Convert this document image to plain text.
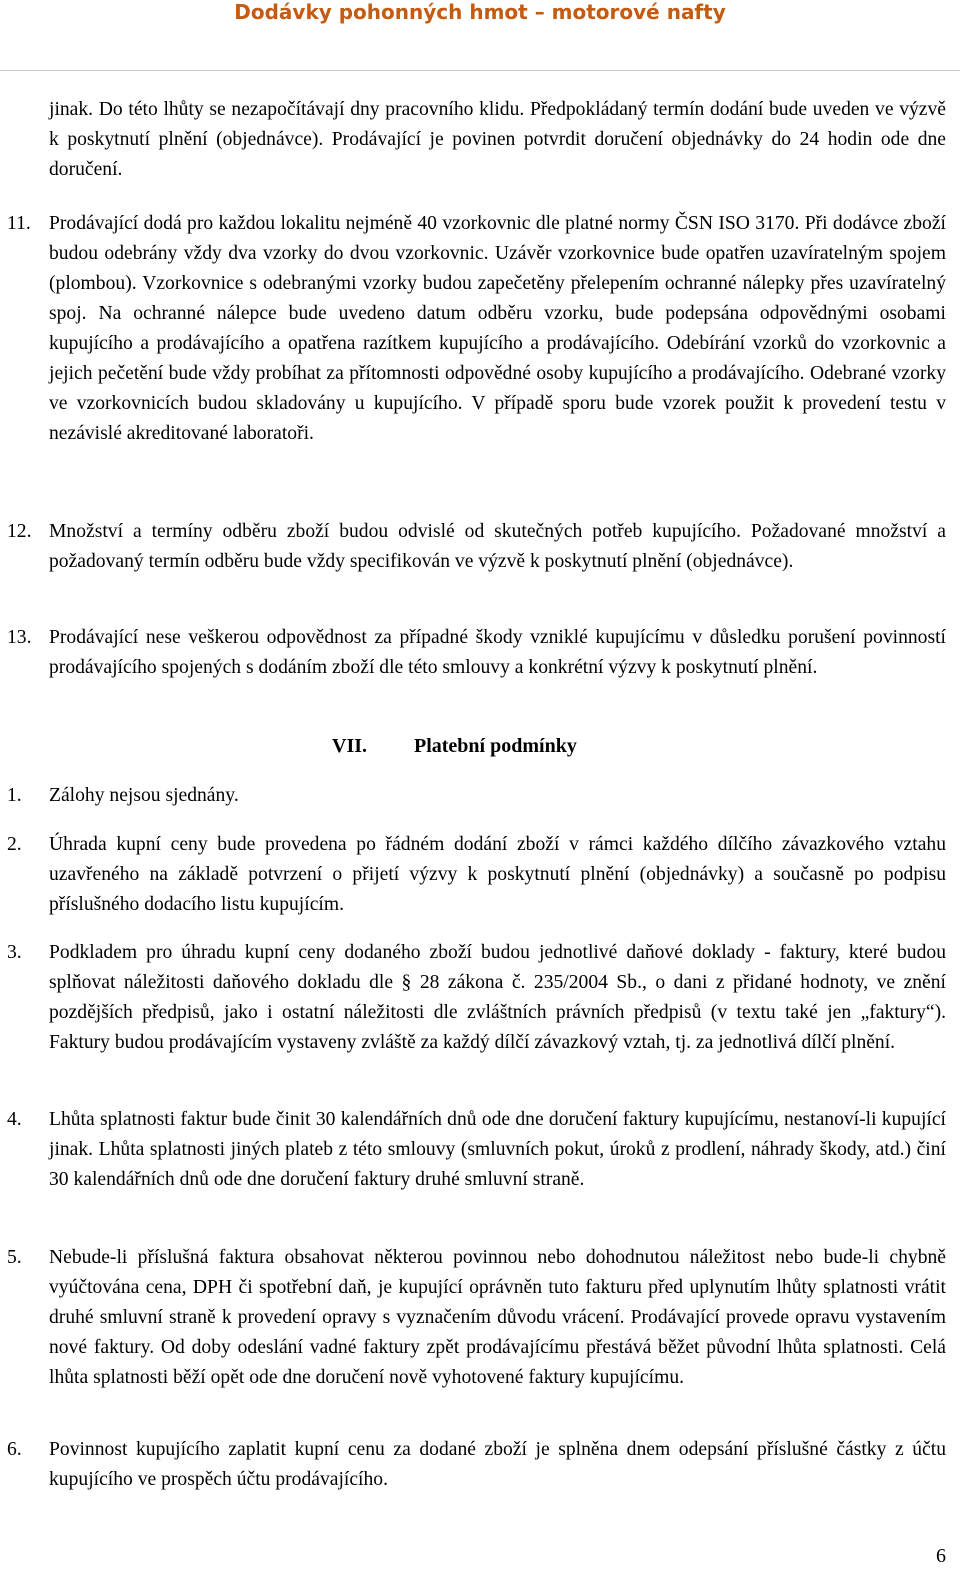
Dodávky pohonných hmot – motorové nafty
jinak. Do této lhůty se nezapočítávají dny pracovního klidu. Předpokládaný termín dodání bude uveden ve výzvě k poskytnutí plnění (objednávce). Prodávající je povinen potvrdit doručení objednávky do 24 hodin ode dne doručení.
11. Prodávající dodá pro každou lokalitu nejméně 40 vzorkovnic dle platné normy ČSN ISO 3170. Při dodávce zboží budou odebrány vždy dva vzorky do dvou vzorkovnic. Uzávěr vzorkovnice bude opatřen uzavíratelným spojem (plombou). Vzorkovnice s odebranými vzorky budou zapečetěny přelepením ochranné nálepky přes uzavíratelný spoj. Na ochranné nálepce bude uvedeno datum odběru vzorku, bude podepsána odpovědnými osobami kupujícího a prodávajícího a opatřena razítkem kupujícího a prodávajícího. Odebírání vzorků do vzorkovnic a jejich pečetění bude vždy probíhat za přítomnosti odpovědné osoby kupujícího a prodávajícího. Odebrané vzorky ve vzorkovnicích budou skladovány u kupujícího. V případě sporu bude vzorek použit k provedení testu v nezávislé akreditované laboratoři.
12. Množství a termíny odběru zboží budou odvislé od skutečných potřeb kupujícího. Požadované množství a požadovaný termín odběru bude vždy specifikován ve výzvě k poskytnutí plnění (objednávce).
13. Prodávající nese veškerou odpovědnost za případné škody vzniklé kupujícímu v důsledku porušení povinností prodávajícího spojených s dodáním zboží dle této smlouvy a konkrétní výzvy k poskytnutí plnění.
VII. Platební podmínky
1.	Zálohy nejsou sjednány.
2.	Úhrada kupní ceny bude provedena po řádném dodání zboží v rámci každého dílčího závazkového vztahu uzavřeného na základě potvrzení o přijetí výzvy k poskytnutí plnění (objednávky) a současně po podpisu příslušného dodacího listu kupujícím.
3.	Podkladem pro úhradu kupní ceny dodaného zboží budou jednotlivé daňové doklady - faktury, které budou splňovat náležitosti daňového dokladu dle § 28 zákona č. 235/2004 Sb., o dani z přidané hodnoty, ve znění pozdějších předpisů, jako i ostatní náležitosti dle zvláštních právních předpisů (v textu také jen „faktury“). Faktury budou prodávajícím vystaveny zvláště za každý dílčí závazkový vztah, tj. za jednotlivá dílčí plnění.
4.	Lhůta splatnosti faktur bude činit 30 kalendářních dnů ode dne doručení faktury kupujícímu, nestanoví-li kupující jinak. Lhůta splatnosti jiných plateb z této smlouvy (smluvních pokut, úroků z prodlení, náhrady škody, atd.) činí 30 kalendářních dnů ode dne doručení faktury druhé smluvní straně.
5.	Nebude-li příslušná faktura obsahovat některou povinnou nebo dohodnutou náležitost nebo bude-li chybně vyúčtována cena, DPH či spotřební daň, je kupující oprávněn tuto fakturu před uplynutím lhůty splatnosti vrátit druhé smluvní straně k provedení opravy s vyznačením důvodu vrácení. Prodávající provede opravu vystavením nové faktury. Od doby odeslání vadné faktury zpět prodávajícímu přestává běžet původní lhůta splatnosti. Celá lhůta splatnosti běží opět ode dne doručení nově vyhotovené faktury kupujícímu.
6.	Povinnost kupujícího zaplatit kupní cenu za dodané zboží je splněna dnem odepsání příslušné částky z účtu kupujícího ve prospěch účtu prodávajícího.
6
